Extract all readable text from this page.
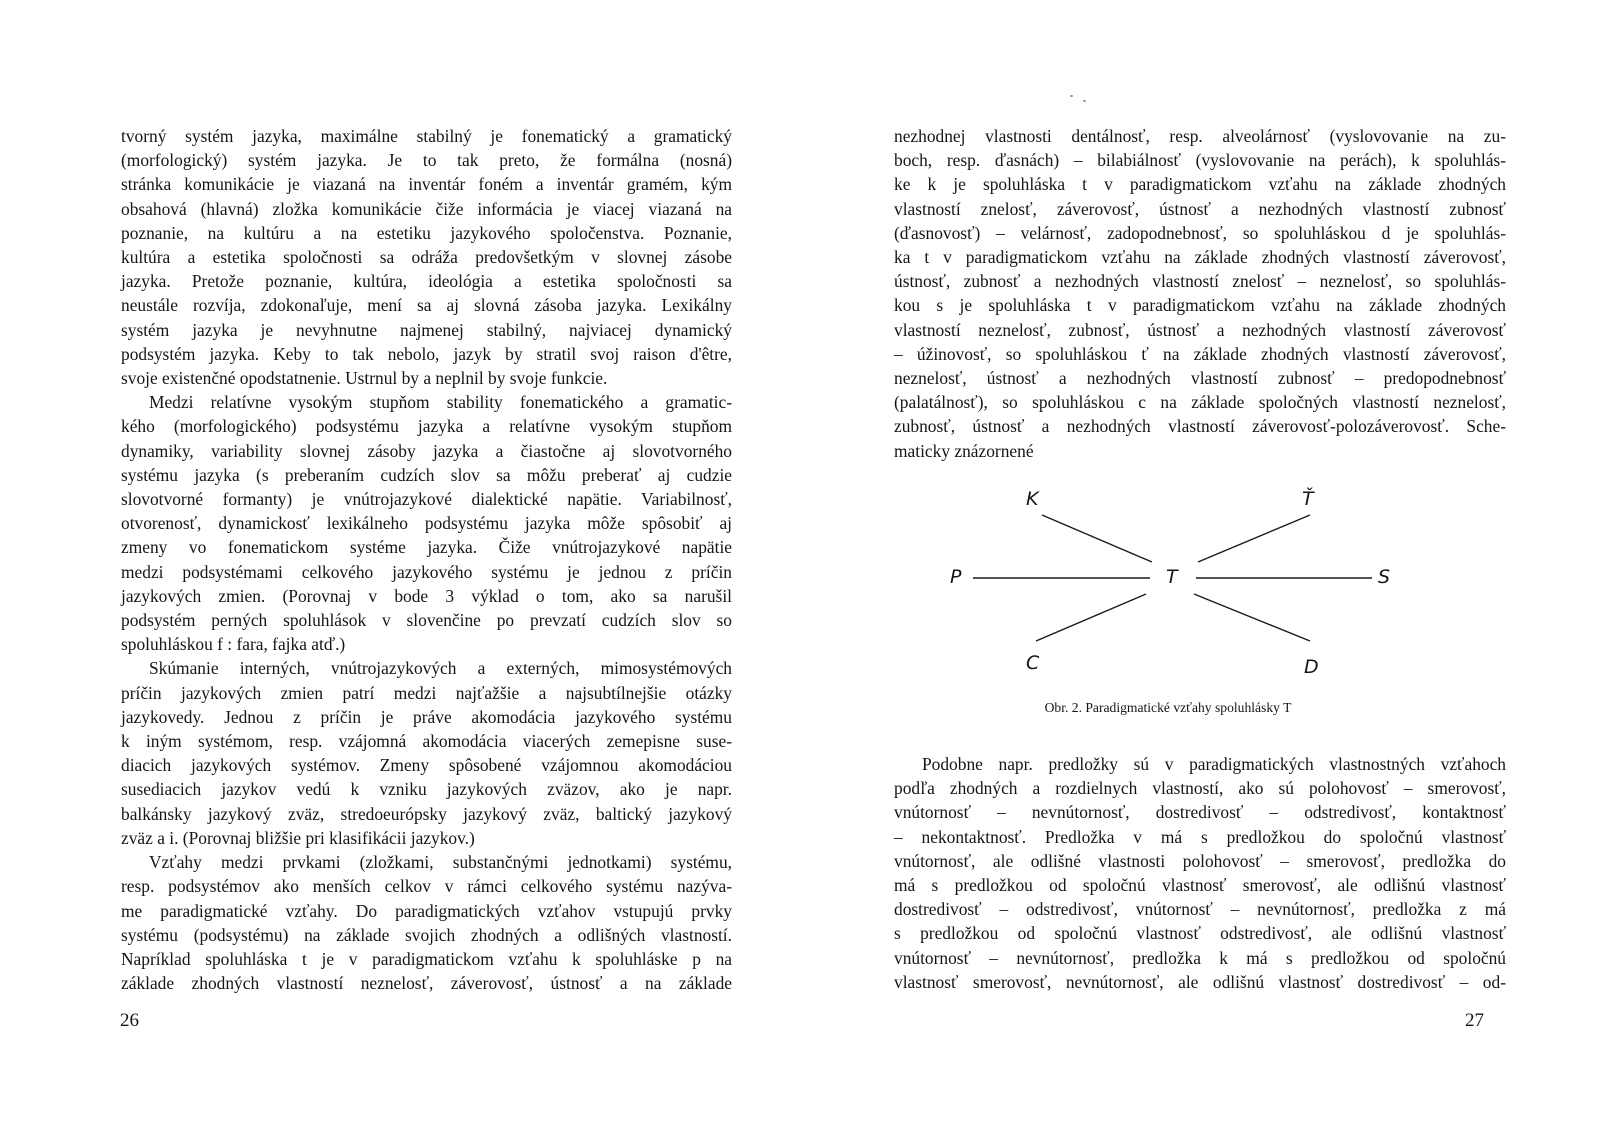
tvorný systém jazyka, maximálne stabilný je fonematický a gramatický
(morfologický) systém jazyka. Je to tak preto, že formálna (nosná)
stránka komunikácie je viazaná na inventár foném a inventár gramém, kým
obsahová (hlavná) zložka komunikácie čiže informácia je viacej viazaná na
poznanie, na kultúru a na estetiku jazykového spoločenstva. Poznanie,
kultúra a estetika spoločnosti sa odráža predovšetkým v slovnej zásobe
jazyka. Pretože poznanie, kultúra, ideológia a estetika spoločnosti sa
neustále rozvíja, zdokonaľuje, mení sa aj slovná zásoba jazyka. Lexikálny
systém jazyka je nevyhnutne najmenej stabilný, najviacej dynamický
podsystém jazyka. Keby to tak nebolo, jazyk by stratil svoj raison d'être,
svoje existenčné opodstatnenie. Ustrnul by a neplnil by svoje funkcie.
Medzi relatívne vysokým stupňom stability fonematického a gramatic-
kého (morfologického) podsystému jazyka a relatívne vysokým stupňom
dynamiky, variability slovnej zásoby jazyka a čiastočne aj slovotvorného
systému jazyka (s preberaním cudzích slov sa môžu preberať aj cudzie
slovotvorné formanty) je vnútrojazykové dialektické napätie. Variabilnosť,
otvorenosť, dynamickosť lexikálneho podsystému jazyka môže spôsobiť aj
zmeny vo fonematickom systéme jazyka. Čiže vnútrojazykové napätie
medzi podsystémami celkového jazykového systému je jednou z príčin
jazykových zmien. (Porovnaj v bode 3 výklad o tom, ako sa narušil
podsystém perných spoluhlások v slovenčine po prevzatí cudzích slov so
spoluhláskou f : fara, fajka atď.)
Skúmanie interných, vnútrojazykových a externých, mimosystémových
príčin jazykových zmien patrí medzi najťažšie a najsubtílnejšie otázky
jazykovedy. Jednou z príčin je práve akomodácia jazykového systému
k iným systémom, resp. vzájomná akomodácia viacerých zemepisne suse-
diacich jazykových systémov. Zmeny spôsobené vzájomnou akomodáciou
susediacich jazykov vedú k vzniku jazykových zväzov, ako je napr.
balkánsky jazykový zväz, stredoeurópsky jazykový zväz, baltický jazykový
zväz a i. (Porovnaj bližšie pri klasifikácii jazykov.)
Vzťahy medzi prvkami (zložkami, substančnými jednotkami) systému,
resp. podsystémov ako menších celkov v rámci celkového systému nazýva-
me paradigmatické vzťahy. Do paradigmatických vzťahov vstupujú prvky
systému (podsystému) na základe svojich zhodných a odlišných vlastností.
Napríklad spoluhláska t je v paradigmatickom vzťahu k spoluhláske p na
základe zhodných vlastností neznelosť, záverovosť, ústnosť a na základe
26
nezhodnej vlastnosti dentálnosť, resp. alveolárnosť (vyslovovanie na zu-
boch, resp. ďasnách) – bilabiálnosť (vyslovovanie na perách), k spoluhlás-
ke k je spoluhláska t v paradigmatickom vzťahu na základe zhodných
vlastností znelosť, záverovosť, ústnosť a nezhodných vlastností zubnosť
(ďasnovosť) – velárnosť, zadopodnebnosť, so spoluhláskou d je spoluhlás-
ka t v paradigmatickom vzťahu na základe zhodných vlastností záverovosť,
ústnosť, zubnosť a nezhodných vlastností znelosť – neznelosť, so spoluhlás-
kou s je spoluhláska t v paradigmatickom vzťahu na základe zhodných
vlastností neznelosť, zubnosť, ústnosť a nezhodných vlastností záverovosť
– úžinovosť, so spoluhláskou ť na základe zhodných vlastností záverovosť,
neznelosť, ústnosť a nezhodných vlastností zubnosť – predopodnebnosť
(palatálnosť), so spoluhláskou c na základe spoločných vlastností neznelosť,
zubnosť, ústnosť a nezhodných vlastností záverovosť-polozáverovosť. Sche-
maticky znázornené
K	Ť
P	T	S
C	D
Obr. 2. Paradigmatické vzťahy spoluhlásky T
Podobne napr. predložky sú v paradigmatických vlastnostných vzťahoch
podľa zhodných a rozdielnych vlastností, ako sú polohovosť – smerovosť,
vnútornosť – nevnútornosť, dostredivosť – odstredivosť, kontaktnosť
– nekontaktnosť. Predložka v má s predložkou do spoločnú vlastnosť
vnútornosť, ale odlišné vlastnosti polohovosť – smerovosť, predložka do
má s predložkou od spoločnú vlastnosť smerovosť, ale odlišnú vlastnosť
dostredivosť – odstredivosť, vnútornosť – nevnútornosť, predložka z má
s predložkou od spoločnú vlastnosť odstredivosť, ale odlišnú vlastnosť
vnútornosť – nevnútornosť, predložka k má s predložkou od spoločnú
vlastnosť smerovosť, nevnútornosť, ale odlišnú vlastnosť dostredivosť – od-
27
